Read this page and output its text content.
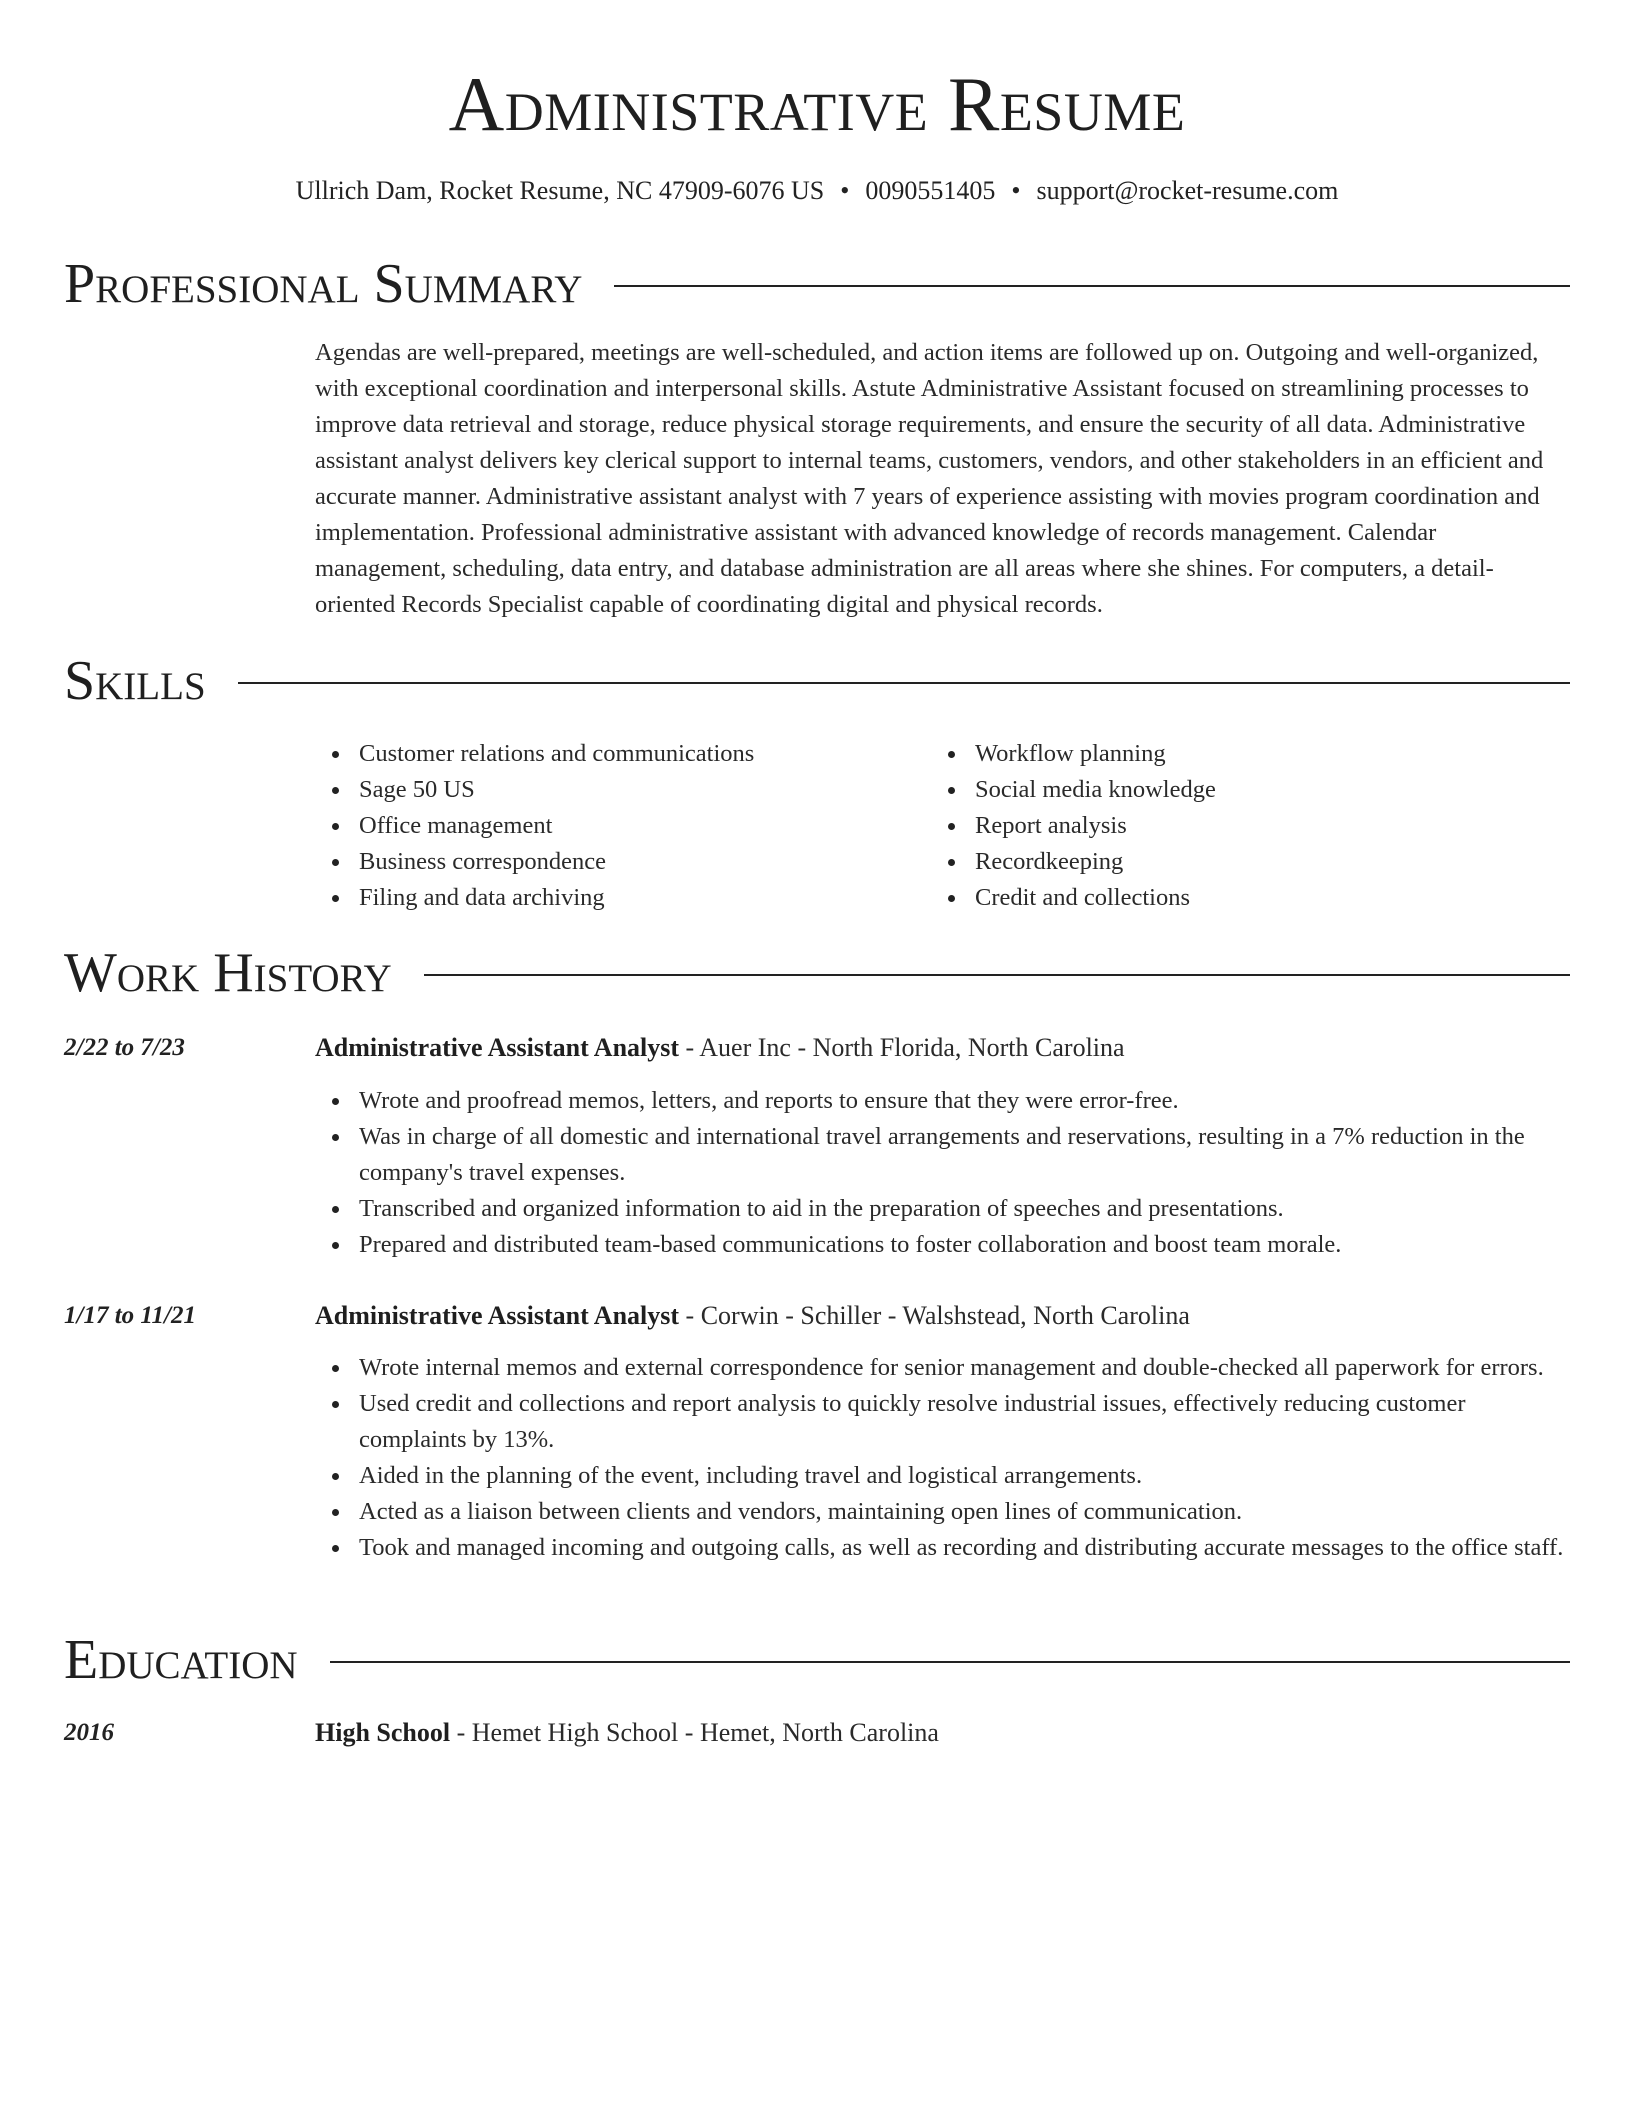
Administrative Resume
Ullrich Dam, Rocket Resume, NC 47909-6076 US • 0090551405 • support@rocket-resume.com
Professional Summary
Agendas are well-prepared, meetings are well-scheduled, and action items are followed up on. Outgoing and well-organized, with exceptional coordination and interpersonal skills. Astute Administrative Assistant focused on streamlining processes to improve data retrieval and storage, reduce physical storage requirements, and ensure the security of all data. Administrative assistant analyst delivers key clerical support to internal teams, customers, vendors, and other stakeholders in an efficient and accurate manner. Administrative assistant analyst with 7 years of experience assisting with movies program coordination and implementation. Professional administrative assistant with advanced knowledge of records management. Calendar management, scheduling, data entry, and database administration are all areas where she shines. For computers, a detail-oriented Records Specialist capable of coordinating digital and physical records.
Skills
Customer relations and communications
Sage 50 US
Office management
Business correspondence
Filing and data archiving
Workflow planning
Social media knowledge
Report analysis
Recordkeeping
Credit and collections
Work History
2/22 to 7/23	Administrative Assistant Analyst - Auer Inc - North Florida, North Carolina
Wrote and proofread memos, letters, and reports to ensure that they were error-free.
Was in charge of all domestic and international travel arrangements and reservations, resulting in a 7% reduction in the company's travel expenses.
Transcribed and organized information to aid in the preparation of speeches and presentations.
Prepared and distributed team-based communications to foster collaboration and boost team morale.
1/17 to 11/21	Administrative Assistant Analyst - Corwin - Schiller - Walshstead, North Carolina
Wrote internal memos and external correspondence for senior management and double-checked all paperwork for errors.
Used credit and collections and report analysis to quickly resolve industrial issues, effectively reducing customer complaints by 13%.
Aided in the planning of the event, including travel and logistical arrangements.
Acted as a liaison between clients and vendors, maintaining open lines of communication.
Took and managed incoming and outgoing calls, as well as recording and distributing accurate messages to the office staff.
Education
2016	High School - Hemet High School - Hemet, North Carolina
